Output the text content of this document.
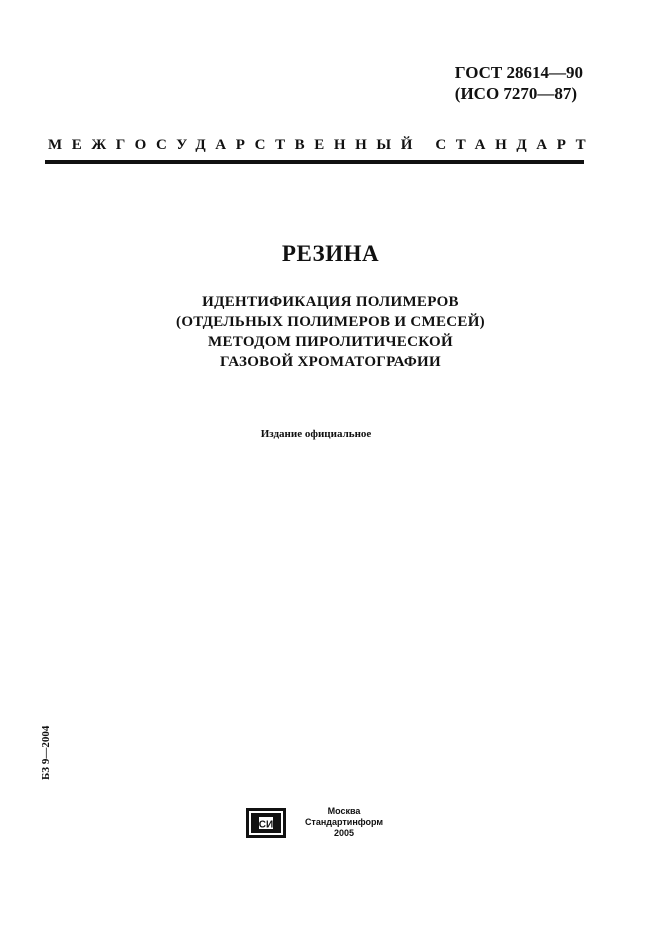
ГОСТ 28614—90
(ИСО 7270—87)
МЕЖГОСУДАРСТВЕННЫЙ СТАНДАРТ
РЕЗИНА
ИДЕНТИФИКАЦИЯ ПОЛИМЕРОВ
(ОТДЕЛЬНЫХ ПОЛИМЕРОВ И СМЕСЕЙ)
МЕТОДОМ ПИРОЛИТИЧЕСКОЙ
ГАЗОВОЙ ХРОМАТОГРАФИИ
Издание официальное
БЗ 9—2004
СИ
Москва
Стандартинформ
2005
